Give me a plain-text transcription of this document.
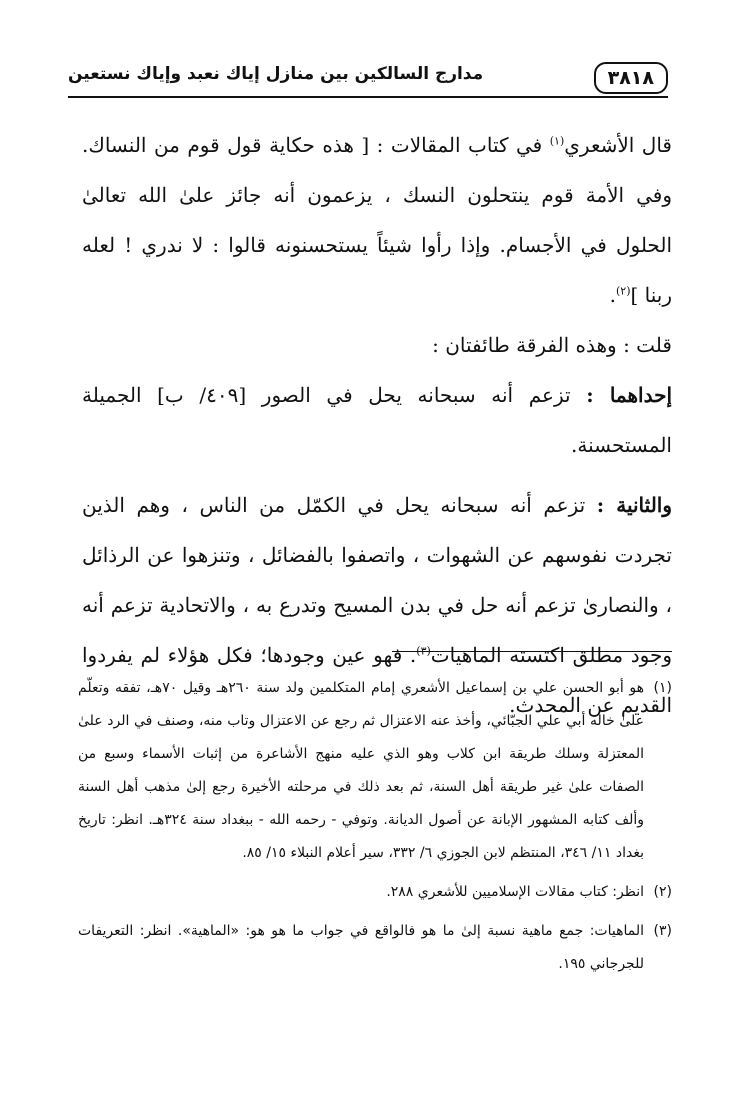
٣٨١٨
مدارج السالكين بين منازل إياك نعبد وإياك نستعين

قال الأشعري$^{(١)}$ في كتاب المقالات : [ هذه حكاية قول قوم من النساك. وفي الأمة قوم ينتحلون النسك ، يزعمون أنه جائز علىٰ الله تعالىٰ الحلول في الأجسام. وإذا رأوا شيئاً يستحسنونه قالوا : لا ندري ! لعله ربنا ]$^{(٢)}$.

قلت : وهذه الفرقة طائفتان :

إحداهما : تزعم أنه سبحانه يحل في الصور [٤٠٩/ ب] الجميلة المستحسنة.

والثانية : تزعم أنه سبحانه يحل في الكمّل من الناس ، وهم الذين تجردت نفوسهم عن الشهوات ، واتصفوا بالفضائل ، وتنزهوا عن الرذائل ، والنصارىٰ تزعم أنه حل في بدن المسيح وتدرع به ، والاتحادية تزعم أنه وجود مطلق اكتسته الماهيات$^{(٣)}$. فهو عين وجودها؛ فكل هؤلاء لم يفردوا القديم عن المحدث.

(١)
هو أبو الحسن علي بن إسماعيل الأشعري إمام المتكلمين ولد سنة ٢٦٠هـ وقيل ٧٠هـ، تفقه وتعلّم علىٰ خاله أبي علي الجبّائي، وأخذ عنه الاعتزال ثم رجع عن الاعتزال وتاب منه، وصنف في الرد علىٰ المعتزلة وسلك طريقة ابن كلاب وهو الذي عليه منهج الأشاعرة من إثبات الأسماء وسبع من الصفات علىٰ غير طريقة أهل السنة، ثم بعد ذلك في مرحلته الأخيرة رجع إلىٰ مذهب أهل السنة وألف كتابه المشهور الإبانة عن أصول الديانة. وتوفي - رحمه الله - ببغداد سنة ٣٢٤هـ. انظر: تاريخ بغداد ١١/ ٣٤٦، المنتظم لابن الجوزي ٦/ ٣٣٢، سير أعلام النبلاء ١٥/ ٨٥.

(٢)
انظر: كتاب مقالات الإسلاميين للأشعري ٢٨٨.

(٣)
الماهيات: جمع ماهية نسبة إلىٰ ما هو فالواقع في جواب ما هو هو: «الماهية». انظر: التعريفات للجرجاني ١٩٥.
